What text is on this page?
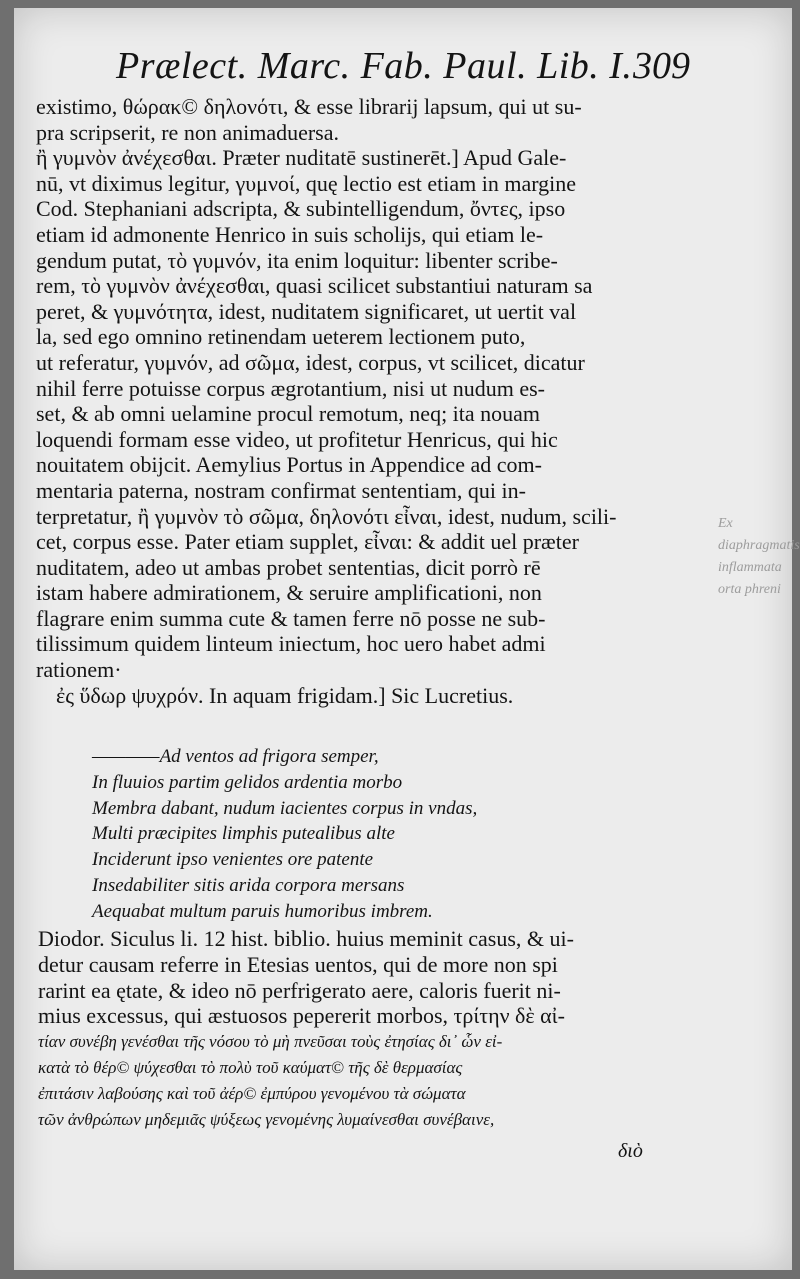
Prælect. Marc. Fab. Paul. Lib. I. 309
existimo, θώρακ© δηλονότι, & esse librarij lapsum, qui ut su-
pra scripserit, re non animaduersa.
ἢ γυμνὸν ἀνέχεσθαι. Præter nuditatē sustinerēt.] Apud Gale-
nū, vt diximus legitur, γυμνοί, quę lectio est etiam in margine
Cod. Stephaniani adscripta, & subintelligendum, ὄντες, ipso
etiam id admonente Henrico in suis scholijs, qui etiam le-
gendum putat, τὸ γυμνόν, ita enim loquitur: libenter scribe-
rem, τὸ γυμνὸν ἀνέχεσθαι, quasi scilicet substantiui naturam sa
peret, & γυμνότητα, idest, nuditatem significaret, ut uertit val
la, sed ego omnino retinendam ueterem lectionem puto,
ut referatur, γυμνόν, ad σῶμα, idest, corpus, vt scilicet, dicatur
nihil ferre potuisse corpus ægrotantium, nisi ut nudum es-
set, & ab omni uelamine procul remotum, neq; ita nouam
loquendi formam esse video, ut profitetur Henricus, qui hic
nouitatem obijcit. Aemylius Portus in Appendice ad com-
mentaria paterna, nostram confirmat sententiam, qui in-
terpretatur, ἢ γυμνὸν τὸ σῶμα, δηλονότι εἶναι, idest, nudum, scili-
cet, corpus esse. Pater etiam supplet, εἶναι: & addit uel præter
nuditatem, adeo ut ambas probet sententias, dicit porrò rē
istam habere admirationem, & seruire amplificationi, non
flagrare enim summa cute & tamen ferre nō posse ne sub-
tilissimum quidem linteum iniectum, hoc uero habet admi
rationem·
ἐς ὕδωρ ψυχρόν. In aquam frigidam.] Sic Lucretius.
————Ad ventos ad frigora semper,
In fluuios partim gelidos ardentia morbo
Membra dabant, nudum iacientes corpus in vndas,
Multi præcipites limphis putealibus alte
Inciderunt ipso venientes ore patente
Insedabiliter sitis arida corpora mersans
Aequabat multum paruis humoribus imbrem.
Diodor. Siculus li. 12 hist. biblio. huius meminit casus, & ui-
detur causam referre in Etesias uentos, qui de more non spi
rarint ea ętate, & ideo nō perfrigerato aere, caloris fuerit ni-
mius excessus, qui æstuosos pepererit morbos, τρίτην δὲ αἰ-
τίαν συνέβη γενέσθαι τῆς νόσου τὸ μὴ πνεῦσαι τοὺς ἐτησίας δι᾽ ὧν εἰ-
κατὰ τὸ θέρ© ψύχεσθαι τὸ πολὺ τοῦ καύματ© τῆς δὲ θερμασίας
ἐπιτάσιν λαβούσης καὶ τοῦ ἀέρ© ἐμπύρου γενομένου τὰ σώματα
τῶν ἀνθρώπων μηδεμιᾶς ψύξεως γενομένης λυμαίνεσθαι συνέβαινε,
διὸ
Ex diaphragmatis inflammata orta phreni
